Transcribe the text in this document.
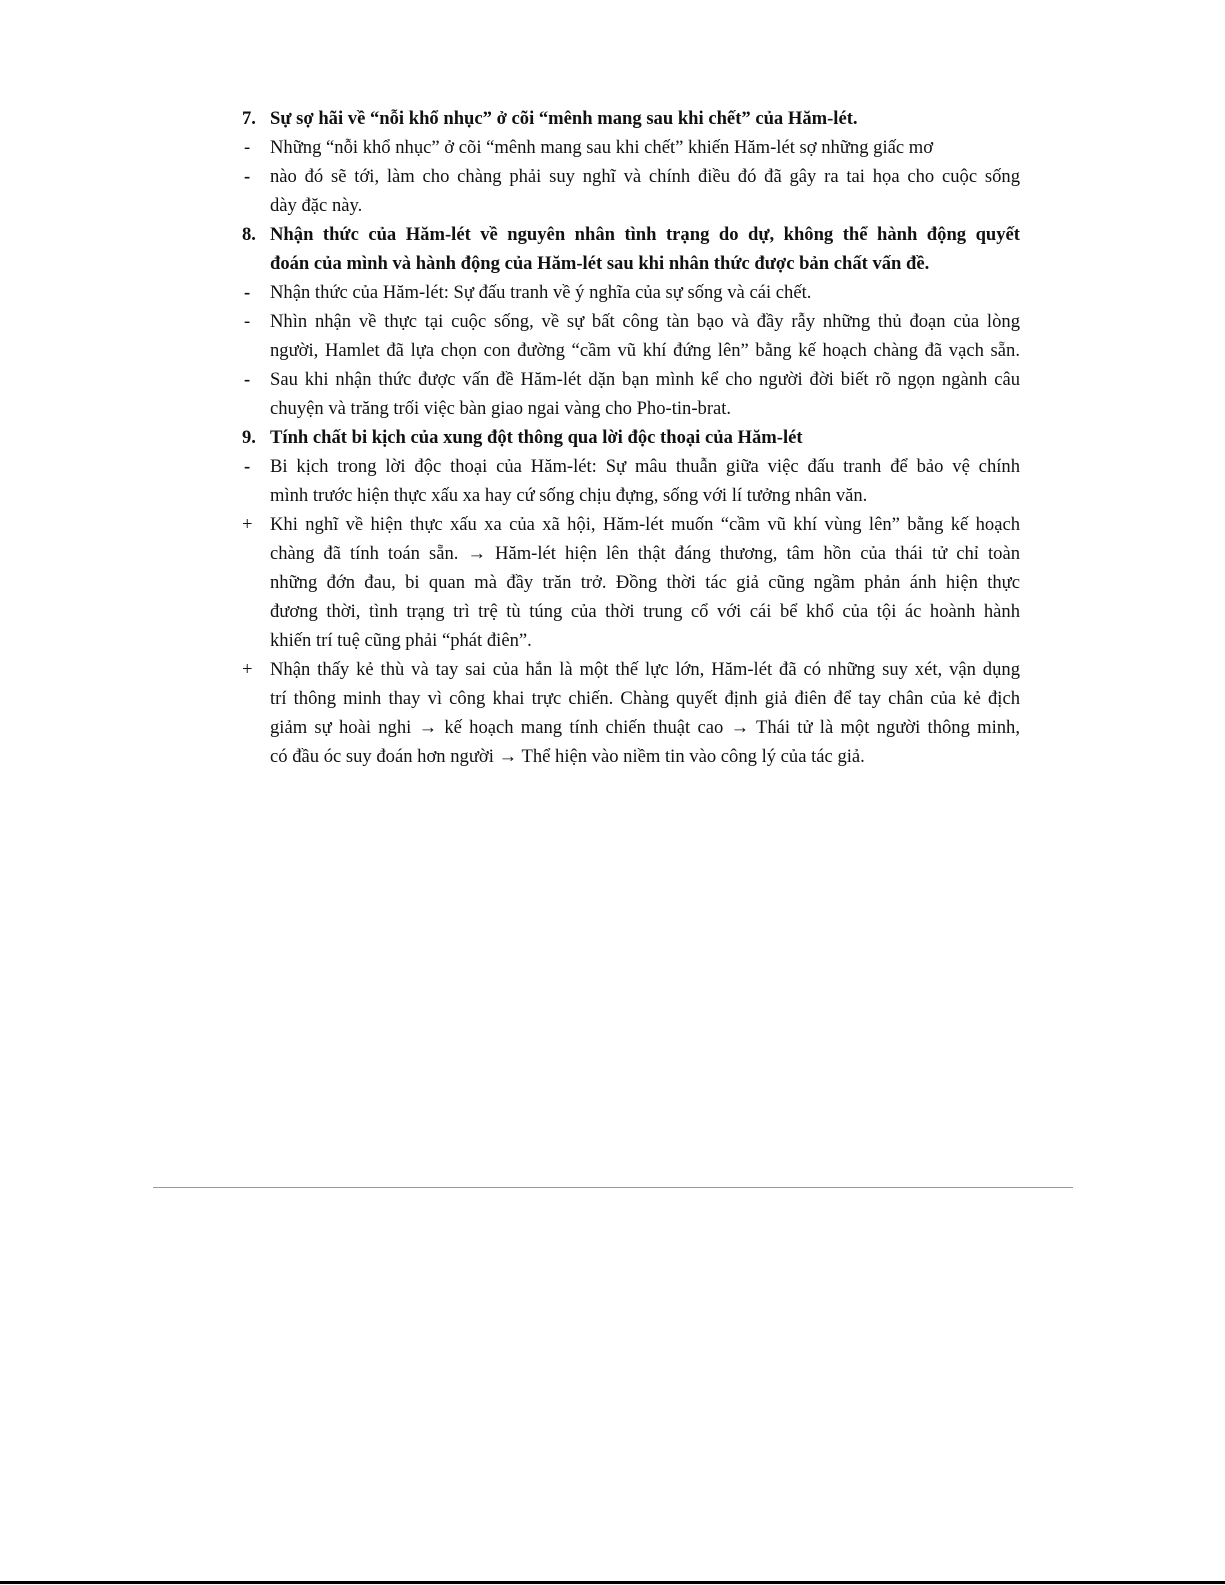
7. Sự sợ hãi về “nỗi khổ nhục” ở cõi “mênh mang sau khi chết” của Hăm-lét.
-	Những “nỗi khổ nhục” ở cõi “mênh mang sau khi chết” khiến Hăm-lét sợ những giấc mơ
-	nào đó sẽ tới, làm cho chàng phải suy nghĩ và chính điều đó đã gây ra tai họa cho cuộc sống
dày đặc này.
8. Nhận thức của Hăm-lét về nguyên nhân tình trạng do dự, không thể hành động quyết
đoán của mình và hành động của Hăm-lét sau khi nhân thức được bản chất vấn đề.
-	Nhận thức của Hăm-lét: Sự đấu tranh về ý nghĩa của sự sống và cái chết.
-	Nhìn nhận về thực tại cuộc sống, về sự bất công tàn bạo và đầy rẫy những thủ đoạn của lòng
người, Hamlet đã lựa chọn con đường “cầm vũ khí đứng lên” bằng kế hoạch chàng đã vạch sẵn.
-	Sau khi nhận thức được vấn đề Hăm-lét dặn bạn mình kể cho người đời biết rõ ngọn ngành câu
chuyện và trăng trối việc bàn giao ngai vàng cho Pho-tin-brat.
9. Tính chất bi kịch của xung đột thông qua lời độc thoại của Hăm-lét
-	Bi kịch trong lời độc thoại của Hăm-lét: Sự mâu thuẫn giữa việc đấu tranh để bảo vệ chính
mình trước hiện thực xấu xa hay cứ sống chịu đựng, sống với lí tưởng nhân văn.
+ Khi nghĩ về hiện thực xấu xa của xã hội, Hăm-lét muốn “cầm vũ khí vùng lên” bằng kế hoạch
chàng đã tính toán sẵn. → Hăm-lét hiện lên thật đáng thương, tâm hồn của thái tử chỉ toàn
những đớn đau, bi quan mà đầy trăn trở. Đồng thời tác giả cũng ngầm phản ánh hiện thực
đương thời, tình trạng trì trệ tù túng của thời trung cổ với cái bể khổ của tội ác hoành hành
khiến trí tuệ cũng phải “phát điên”.
+ Nhận thấy kẻ thù và tay sai của hắn là một thế lực lớn, Hăm-lét đã có những suy xét, vận dụng
trí thông minh thay vì công khai trực chiến. Chàng quyết định giả điên để tay chân của kẻ địch
giảm sự hoài nghi → kế hoạch mang tính chiến thuật cao → Thái tử là một người thông minh,
có đầu óc suy đoán hơn người → Thể hiện vào niềm tin vào công lý của tác giả.
